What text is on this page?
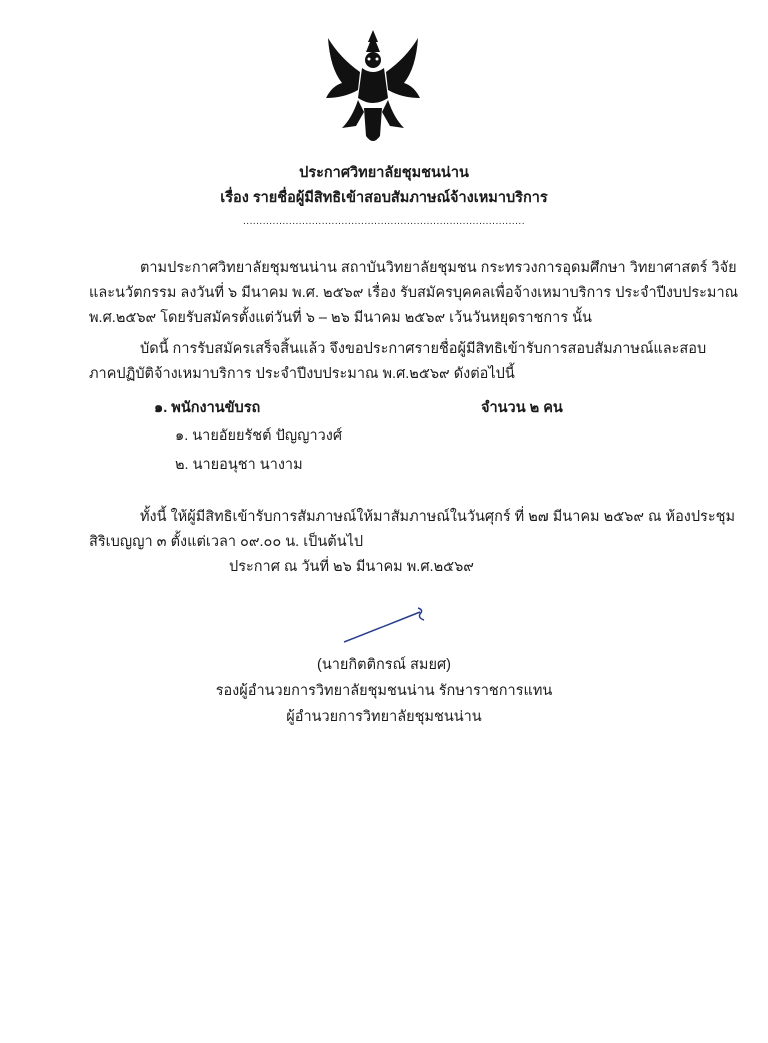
ประกาศวิทยาลัยชุมชนน่าน
เรื่อง รายชื่อผู้มีสิทธิเข้าสอบสัมภาษณ์จ้างเหมาบริการ
......................................................................................
ตามประกาศวิทยาลัยชุมชนน่าน สถาบันวิทยาลัยชุมชน กระทรวงการอุดมศึกษา วิทยาศาสตร์ วิจัย
และนวัตกรรม ลงวันที่ ๖ มีนาคม พ.ศ. ๒๕๖๙ เรื่อง รับสมัครบุคคลเพื่อจ้างเหมาบริการ ประจำปีงบประมาณ
พ.ศ.๒๕๖๙ โดยรับสมัครตั้งแต่วันที่ ๖ – ๒๖ มีนาคม ๒๕๖๙ เว้นวันหยุดราชการ นั้น
บัดนี้ การรับสมัครเสร็จสิ้นแล้ว จึงขอประกาศรายชื่อผู้มีสิทธิเข้ารับการสอบสัมภาษณ์และสอบ
ภาคปฏิบัติจ้างเหมาบริการ ประจำปีงบประมาณ พ.ศ.๒๕๖๙ ดังต่อไปนี้
๑. พนักงานขับรถ	จำนวน ๒ คน
๑. นายอัยยรัชต์ ปัญญาวงศ์
๒. นายอนุชา นางาม
ทั้งนี้ ให้ผู้มีสิทธิเข้ารับการสัมภาษณ์ให้มาสัมภาษณ์ในวันศุกร์ ที่ ๒๗ มีนาคม ๒๕๖๙ ณ ห้องประชุม
สิริเบญญา ๓ ตั้งแต่เวลา ๐๙.๐๐ น. เป็นต้นไป
ประกาศ ณ วันที่ ๒๖ มีนาคม พ.ศ.๒๕๖๙
(นายกิตติกรณ์ สมยศ)
รองผู้อำนวยการวิทยาลัยชุมชนน่าน รักษาราชการแทน
ผู้อำนวยการวิทยาลัยชุมชนน่าน
